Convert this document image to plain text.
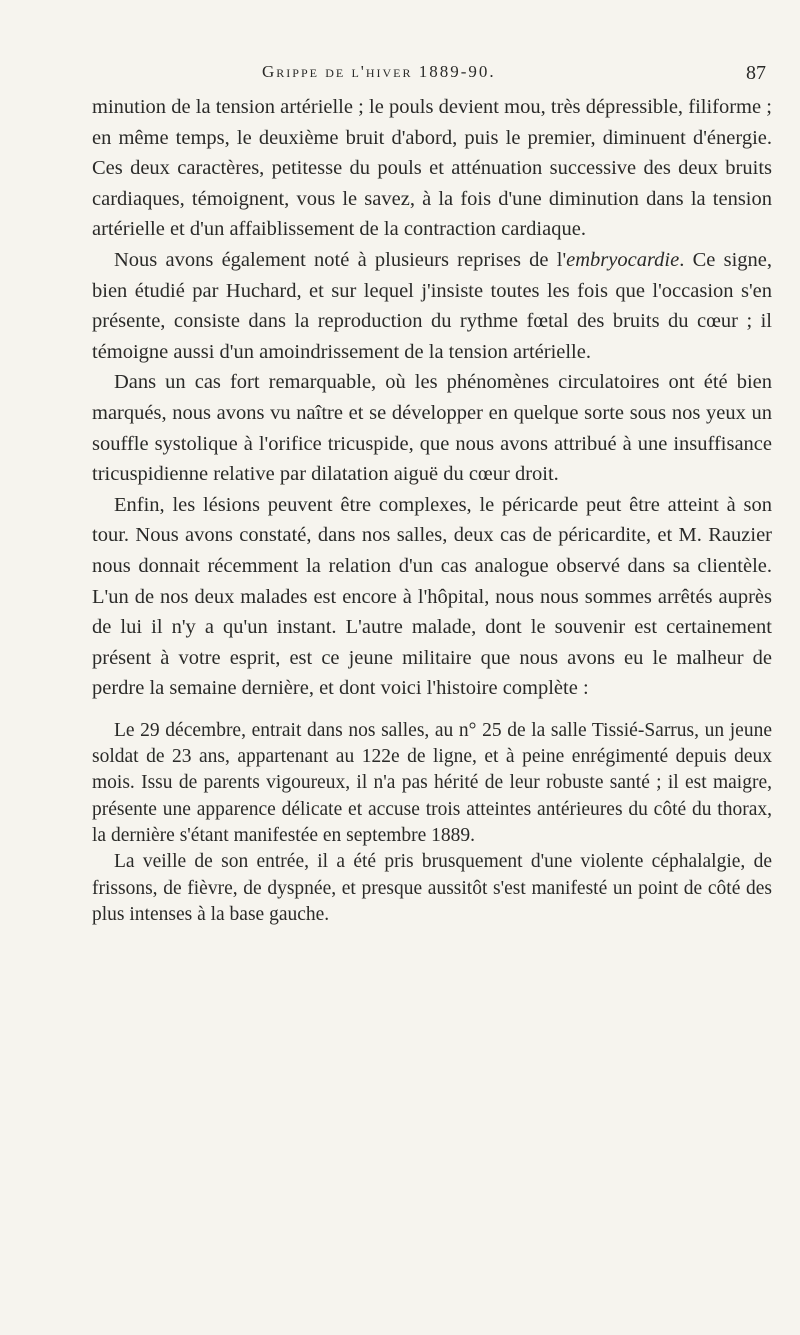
Grippe de l'hiver 1889-90.	87

minution de la tension artérielle ; le pouls devient mou, très dépressible, filiforme ; en même temps, le deuxième bruit d'abord, puis le premier, diminuent d'énergie. Ces deux caractères, petitesse du pouls et atténuation successive des deux bruits cardiaques, témoignent, vous le savez, à la fois d'une diminution dans la tension artérielle et d'un affaiblissement de la contraction cardiaque.

Nous avons également noté à plusieurs reprises de l'embryocardie. Ce signe, bien étudié par Huchard, et sur lequel j'insiste toutes les fois que l'occasion s'en présente, consiste dans la reproduction du rythme fœtal des bruits du cœur ; il témoigne aussi d'un amoindrissement de la tension artérielle.

Dans un cas fort remarquable, où les phénomènes circulatoires ont été bien marqués, nous avons vu naître et se développer en quelque sorte sous nos yeux un souffle systolique à l'orifice tricuspide, que nous avons attribué à une insuffisance tricuspidienne relative par dilatation aiguë du cœur droit.

Enfin, les lésions peuvent être complexes, le péricarde peut être atteint à son tour. Nous avons constaté, dans nos salles, deux cas de péricardite, et M. Rauzier nous donnait récemment la relation d'un cas analogue observé dans sa clientèle. L'un de nos deux malades est encore à l'hôpital, nous nous sommes arrêtés auprès de lui il n'y a qu'un instant. L'autre malade, dont le souvenir est certainement présent à votre esprit, est ce jeune militaire que nous avons eu le malheur de perdre la semaine dernière, et dont voici l'histoire complète :

Le 29 décembre, entrait dans nos salles, au n° 25 de la salle Tissié-Sarrus, un jeune soldat de 23 ans, appartenant au 122e de ligne, et à peine enrégimenté depuis deux mois. Issu de parents vigoureux, il n'a pas hérité de leur robuste santé ; il est maigre, présente une apparence délicate et accuse trois atteintes antérieures du côté du thorax, la dernière s'étant manifestée en septembre 1889.

La veille de son entrée, il a été pris brusquement d'une violente céphalalgie, de frissons, de fièvre, de dyspnée, et presque aussitôt s'est manifesté un point de côté des plus intenses à la base gauche.
